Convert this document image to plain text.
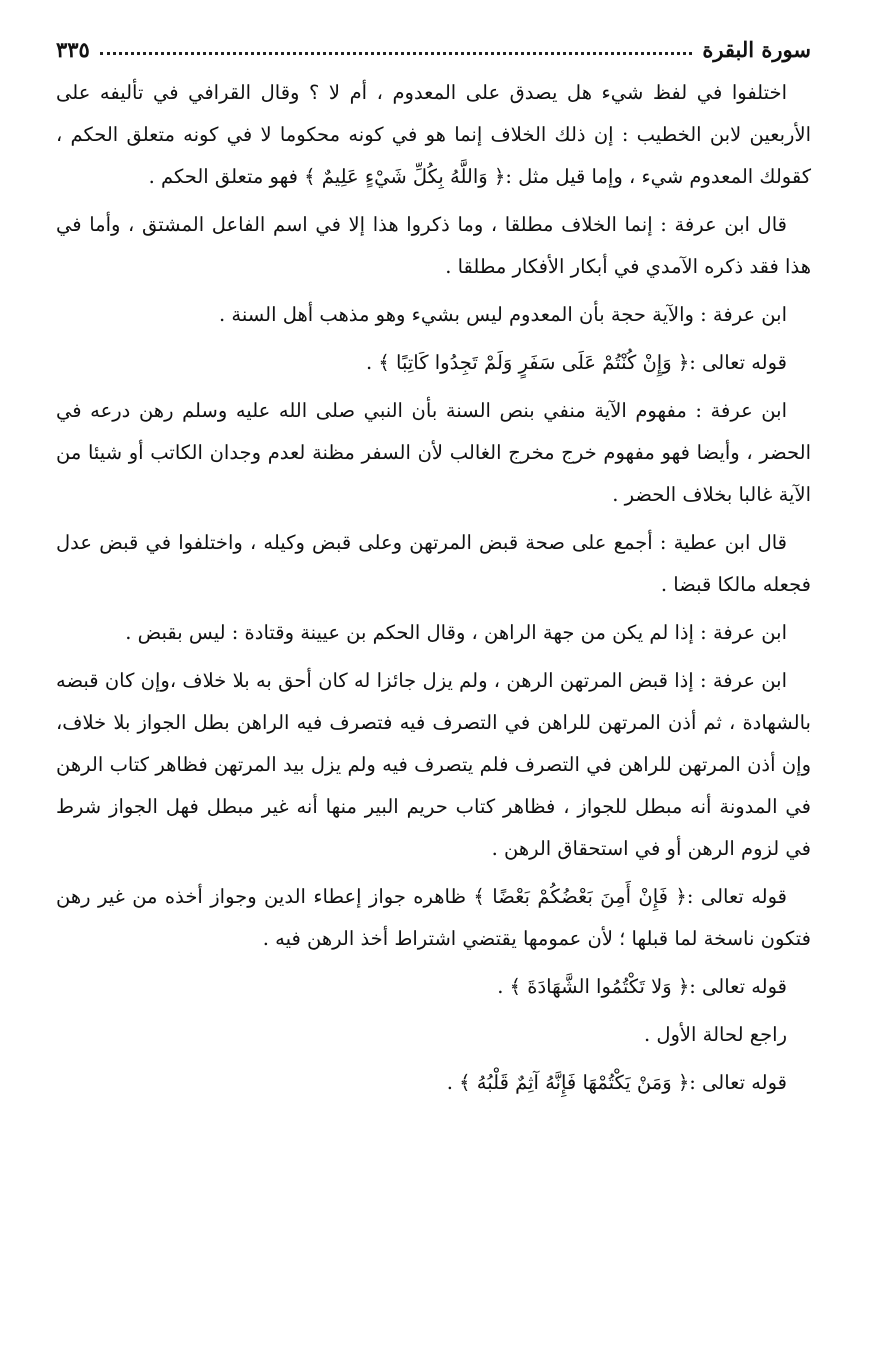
سورة البقرة
٣٣٥

اختلفوا في لفظ شيء هل يصدق على المعدوم ، أم لا ؟ وقال القرافي في تأليفه على الأربعين لابن الخطيب : إن ذلك الخلاف إنما هو في كونه محكوما لا في كونه متعلق الحكم ، كقولك المعدوم شيء ، وإما قيل مثل :﴿ وَاللَّهُ بِكُلِّ شَيْءٍ عَلِيمٌ ﴾ فهو متعلق الحكم .

قال ابن عرفة : إنما الخلاف مطلقا ، وما ذكروا هذا إلا في اسم الفاعل المشتق ، وأما في هذا فقد ذكره الآمدي في أبكار الأفكار مطلقا .

ابن عرفة : والآية حجة بأن المعدوم ليس بشيء وهو مذهب أهل السنة .

قوله تعالى :﴿ وَإِنْ كُنْتُمْ عَلَى سَفَرٍ وَلَمْ تَجِدُوا كَاتِبًا ﴾ .

ابن عرفة : مفهوم الآية منفي بنص السنة بأن النبي صلى الله عليه وسلم رهن درعه في الحضر ، وأيضا فهو مفهوم خرج مخرج الغالب لأن السفر مظنة لعدم وجدان الكاتب أو شيئا من الآية غالبا بخلاف الحضر .

قال ابن عطية : أجمع على صحة قبض المرتهن وعلى قبض وكيله ، واختلفوا في قبض عدل فجعله مالكا قبضا .

ابن عرفة : إذا لم يكن من جهة الراهن ، وقال الحكم بن عيينة وقتادة : ليس بقبض .

ابن عرفة : إذا قبض المرتهن الرهن ، ولم يزل جائزا له كان أحق به بلا خلاف ،وإن كان قبضه بالشهادة ، ثم أذن المرتهن للراهن في التصرف فيه فتصرف فيه الراهن بطل الجواز بلا خلاف، وإن أذن المرتهن للراهن في التصرف فلم يتصرف فيه ولم يزل بيد المرتهن فظاهر كتاب الرهن في المدونة أنه مبطل للجواز ، فظاهر كتاب حريم البير منها أنه غير مبطل فهل الجواز شرط في لزوم الرهن أو في استحقاق الرهن .

قوله تعالى :﴿ فَإِنْ أَمِنَ بَعْضُكُمْ بَعْضًا ﴾ ظاهره جواز إعطاء الدين وجواز أخذه من غير رهن فتكون ناسخة لما قبلها ؛ لأن عمومها يقتضي اشتراط أخذ الرهن فيه .

قوله تعالى :﴿ وَلا تَكْتُمُوا الشَّهَادَةَ ﴾ .

راجع لحالة الأول .

قوله تعالى :﴿ وَمَنْ يَكْتُمْهَا فَإِنَّهُ آثِمٌ قَلْبُهُ ﴾ .
